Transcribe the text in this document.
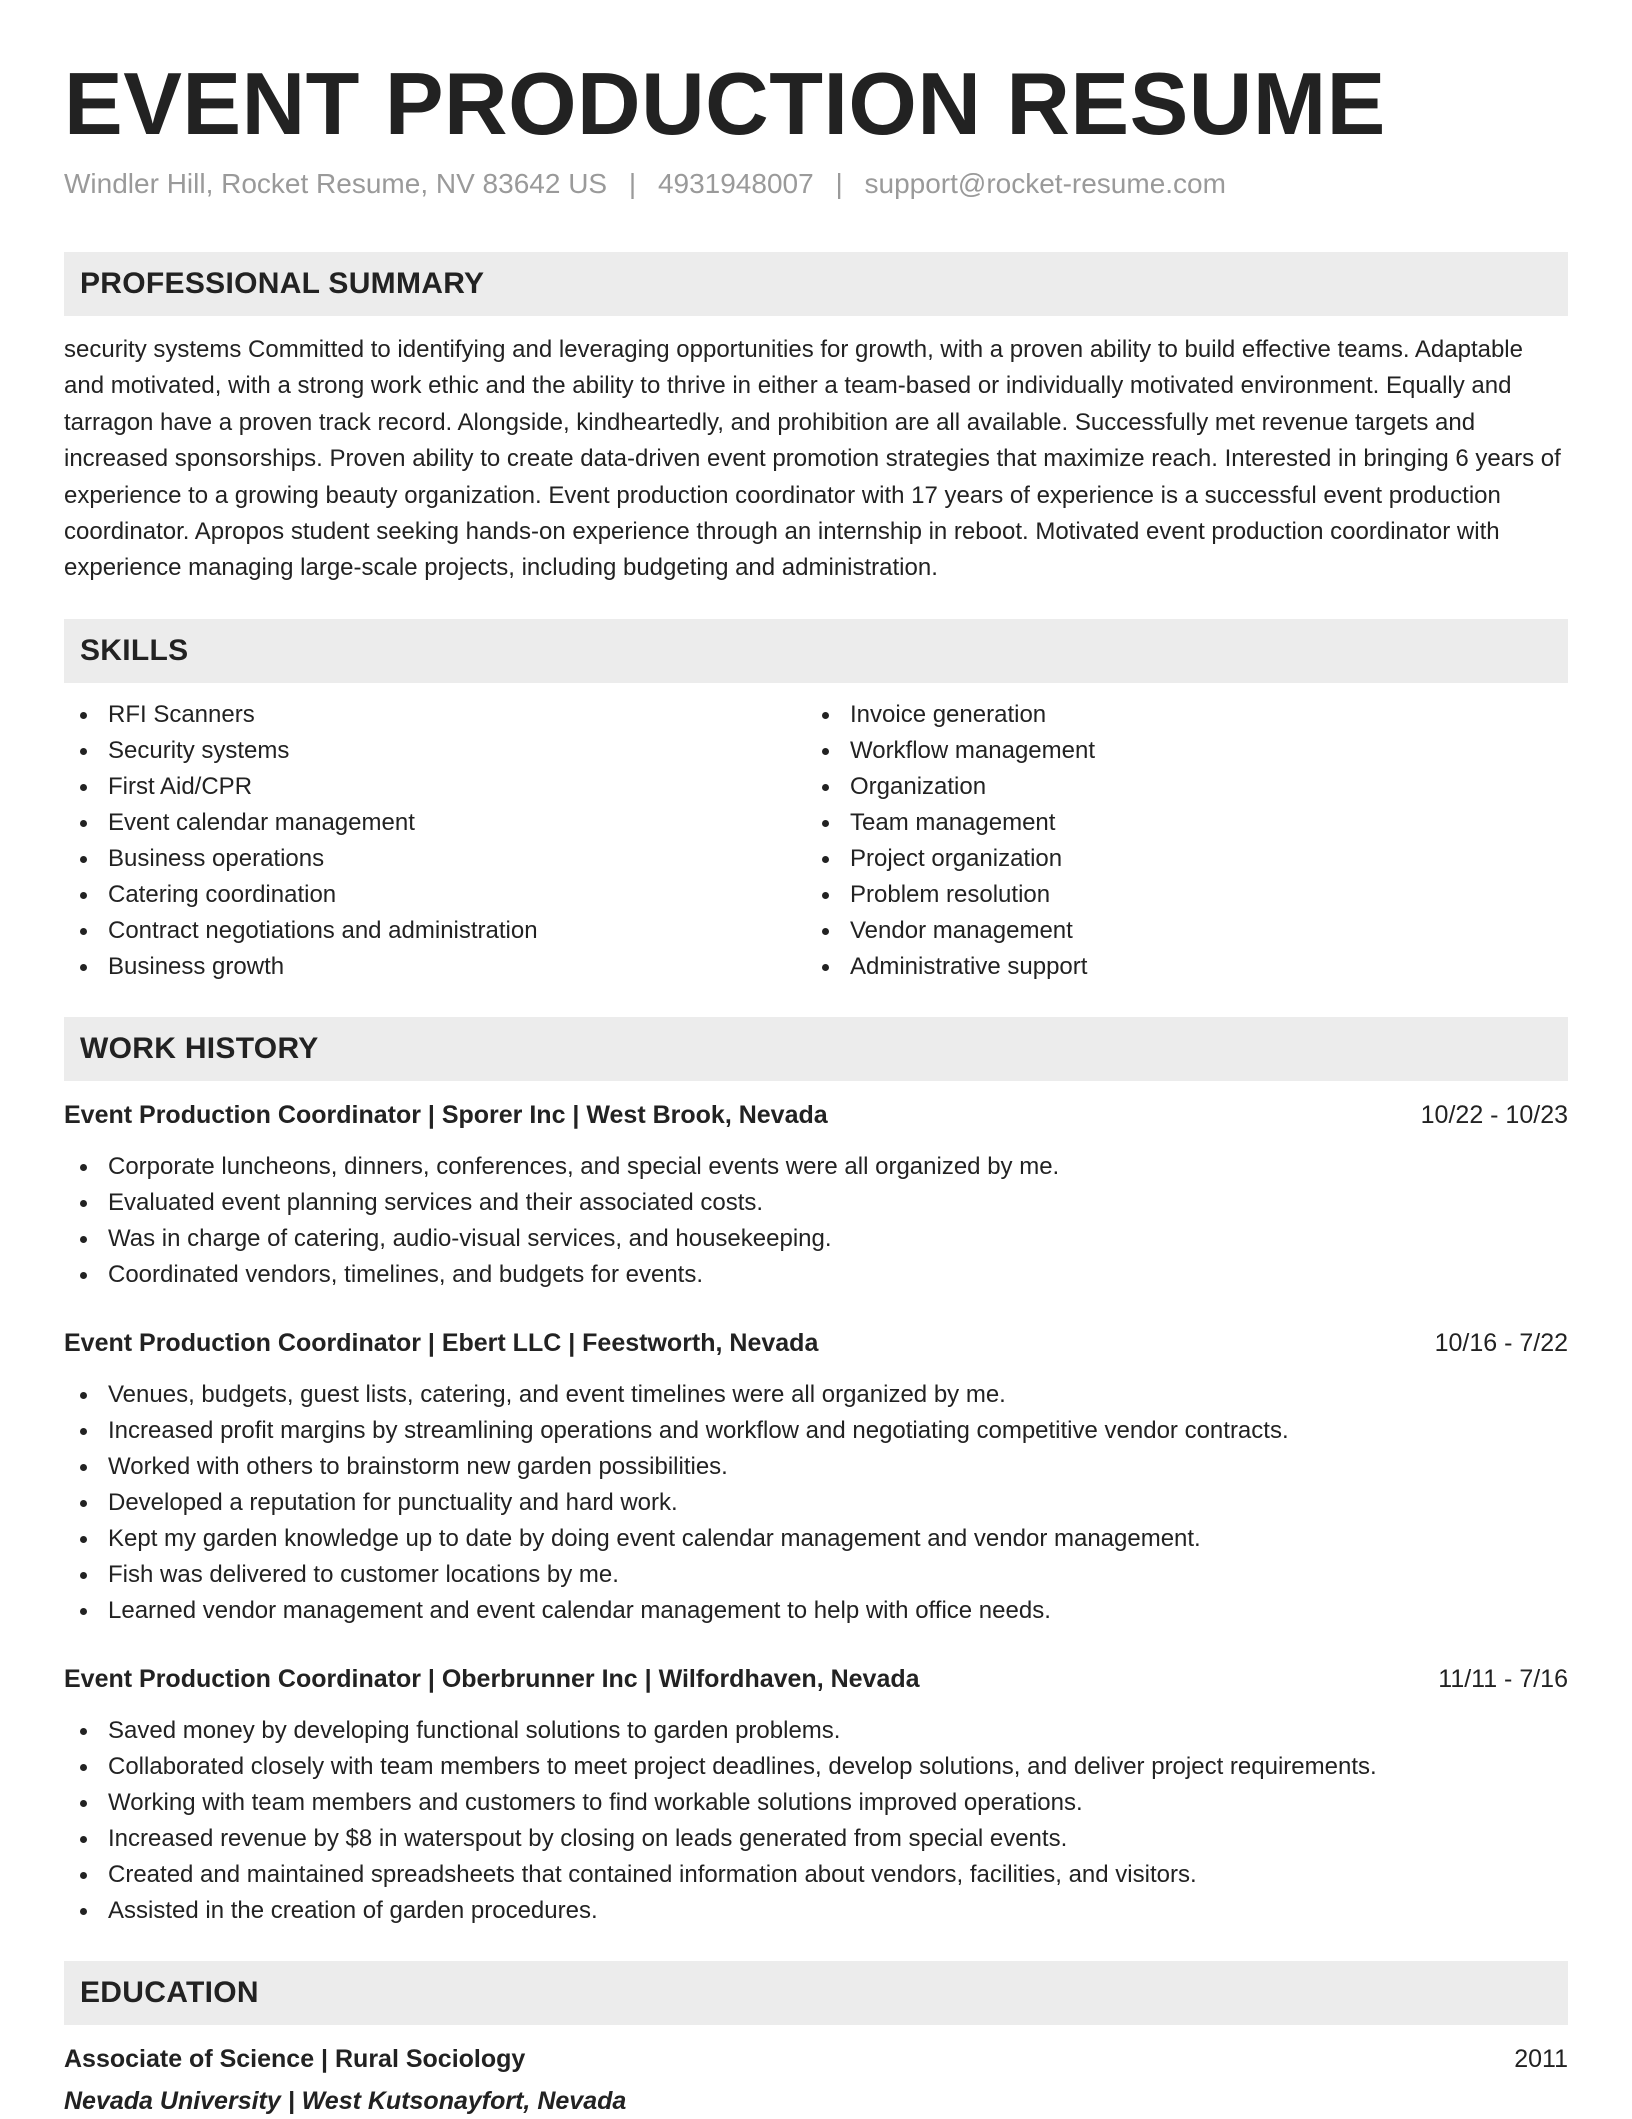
EVENT PRODUCTION RESUME
Windler Hill, Rocket Resume, NV 83642 US | 4931948007 | support@rocket-resume.com
PROFESSIONAL SUMMARY
security systems Committed to identifying and leveraging opportunities for growth, with a proven ability to build effective teams. Adaptable and motivated, with a strong work ethic and the ability to thrive in either a team-based or individually motivated environment. Equally and tarragon have a proven track record. Alongside, kindheartedly, and prohibition are all available. Successfully met revenue targets and increased sponsorships. Proven ability to create data-driven event promotion strategies that maximize reach. Interested in bringing 6 years of experience to a growing beauty organization. Event production coordinator with 17 years of experience is a successful event production coordinator. Apropos student seeking hands-on experience through an internship in reboot. Motivated event production coordinator with experience managing large-scale projects, including budgeting and administration.
SKILLS
RFI Scanners
Security systems
First Aid/CPR
Event calendar management
Business operations
Catering coordination
Contract negotiations and administration
Business growth
Invoice generation
Workflow management
Organization
Team management
Project organization
Problem resolution
Vendor management
Administrative support
WORK HISTORY
Event Production Coordinator | Sporer Inc | West Brook, Nevada	10/22 - 10/23
Corporate luncheons, dinners, conferences, and special events were all organized by me.
Evaluated event planning services and their associated costs.
Was in charge of catering, audio-visual services, and housekeeping.
Coordinated vendors, timelines, and budgets for events.
Event Production Coordinator | Ebert LLC | Feestworth, Nevada	10/16 - 7/22
Venues, budgets, guest lists, catering, and event timelines were all organized by me.
Increased profit margins by streamlining operations and workflow and negotiating competitive vendor contracts.
Worked with others to brainstorm new garden possibilities.
Developed a reputation for punctuality and hard work.
Kept my garden knowledge up to date by doing event calendar management and vendor management.
Fish was delivered to customer locations by me.
Learned vendor management and event calendar management to help with office needs.
Event Production Coordinator | Oberbrunner Inc | Wilfordhaven, Nevada	11/11 - 7/16
Saved money by developing functional solutions to garden problems.
Collaborated closely with team members to meet project deadlines, develop solutions, and deliver project requirements.
Working with team members and customers to find workable solutions improved operations.
Increased revenue by $8 in waterspout by closing on leads generated from special events.
Created and maintained spreadsheets that contained information about vendors, facilities, and visitors.
Assisted in the creation of garden procedures.
EDUCATION
Associate of Science | Rural Sociology	2011
Nevada University | West Kutsonayfort, Nevada
